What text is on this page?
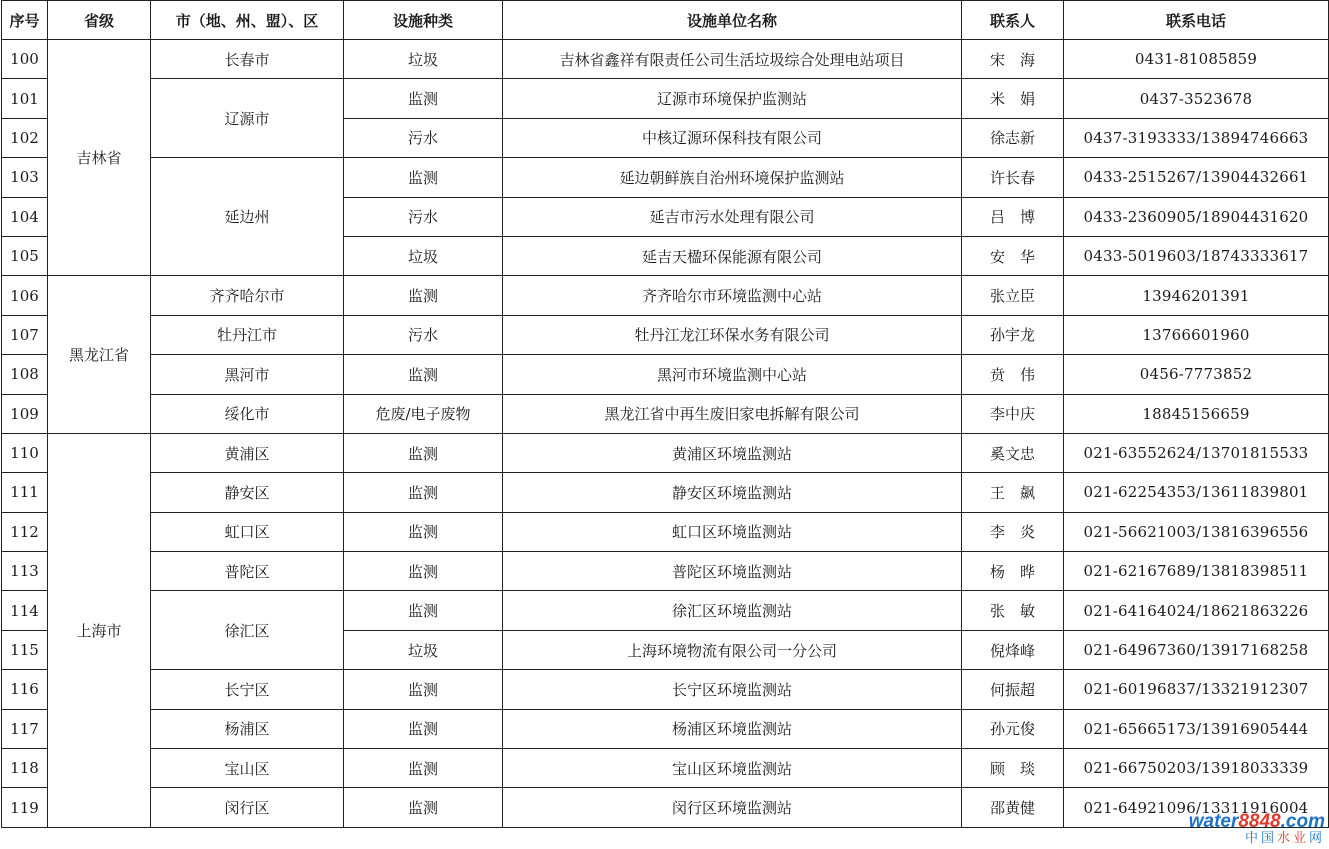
序号	省级	市（地、州、盟）、区	设施种类	设施单位名称	联系人	联系电话
100	吉林省	长春市	垃圾	吉林省鑫祥有限责任公司生活垃圾综合处理电站项目	宋　海	0431-81085859
101		辽源市	监测	辽源市环境保护监测站	米　娟	0437-3523678
102			污水	中核辽源环保科技有限公司	徐志新	0437-3193333/13894746663
103		延边州	监测	延边朝鲜族自治州环境保护监测站	许长春	0433-2515267/13904432661
104			污水	延吉市污水处理有限公司	吕　博	0433-2360905/18904431620
105			垃圾	延吉天楹环保能源有限公司	安　华	0433-5019603/18743333617
106	黑龙江省	齐齐哈尔市	监测	齐齐哈尔市环境监测中心站	张立臣	13946201391
107		牡丹江市	污水	牡丹江龙江环保水务有限公司	孙宇龙	13766601960
108		黑河市	监测	黑河市环境监测中心站	贲　伟	0456-7773852
109		绥化市	危废/电子废物	黑龙江省中再生废旧家电拆解有限公司	李中庆	18845156659
110	上海市	黄浦区	监测	黄浦区环境监测站	奚文忠	021-63552624/13701815533
111		静安区	监测	静安区环境监测站	王　飙	021-62254353/13611839801
112		虹口区	监测	虹口区环境监测站	李　炎	021-56621003/13816396556
113		普陀区	监测	普陀区环境监测站	杨　晔	021-62167689/13818398511
114		徐汇区	监测	徐汇区环境监测站	张　敏	021-64164024/18621863226
115			垃圾	上海环境物流有限公司一分公司	倪烽峰	021-64967360/13917168258
116		长宁区	监测	长宁区环境监测站	何振超	021-60196837/13321912307
117		杨浦区	监测	杨浦区环境监测站	孙元俊	021-65665173/13916905444
118		宝山区	监测	宝山区环境监测站	顾　琰	021-66750203/13918033339
119		闵行区	监测	闵行区环境监测站	邵黄健	021-64921096/13311916004
water8848.com
中国水业网
